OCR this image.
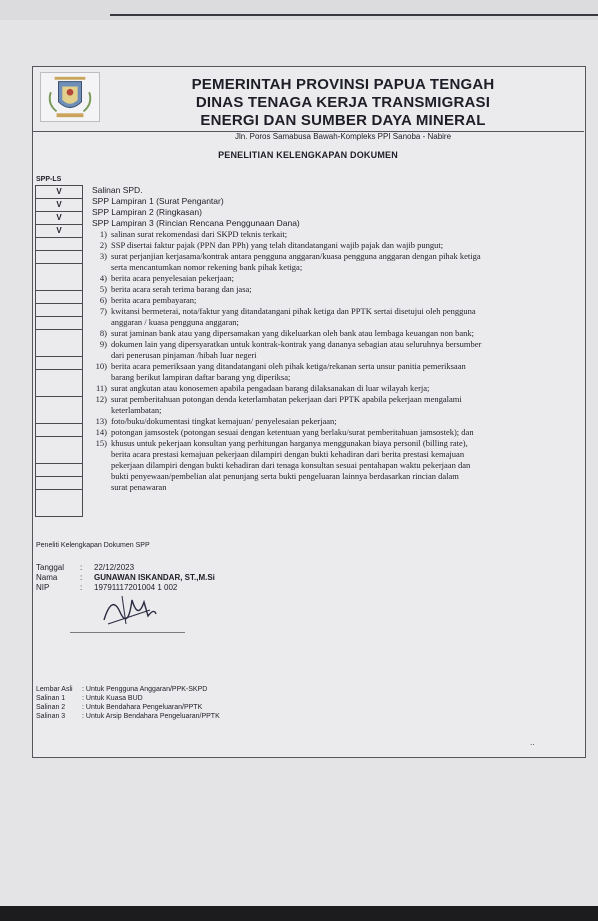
PEMERINTAH PROVINSI PAPUA TENGAH
DINAS TENAGA KERJA TRANSMIGRASI
ENERGI DAN SUMBER DAYA MINERAL
Jln. Poros Samabusa Bawah-Kompleks PPI Sanoba - Nabire
PENELITIAN KELENGKAPAN DOKUMEN
SPP-LS
V
V
V
V
Salinan SPD.
SPP Lampiran 1 (Surat Pengantar)
SPP Lampiran 2 (Ringkasan)
SPP Lampiran 3 (Rincian Rencana Penggunaan Dana)
1) salinan surat rekomendasi dari SKPD teknis terkait;
2) SSP disertai faktur pajak (PPN dan PPh) yang telah ditandatangani wajib pajak dan wajib pungut;
3) surat perjanjian kerjasama/kontrak antara pengguna anggaran/kuasa pengguna anggaran dengan pihak ketiga
serta mencantumkan nomor rekening bank pihak ketiga;
4) berita acara penyelesaian pekerjaan;
5) berita acara serah terima barang dan jasa;
6) berita acara pembayaran;
7) kwitansi bermeterai, nota/faktur yang ditandatangani pihak ketiga dan PPTK sertai disetujui oleh pengguna
anggaran / kuasa pengguna anggaran;
8) surat jaminan bank atau yang dipersamakan yang dikeluarkan oleh bank atau lembaga keuangan non bank;
9) dokumen lain yang dipersyaratkan untuk kontrak-kontrak yang dananya sebagian atau seluruhnya bersumber
dari penerusan pinjaman /hibah luar negeri
10) berita acara pemeriksaan yang ditandatangani oleh pihak ketiga/rekanan serta unsur panitia pemeriksaan
barang berikut lampiran daftar barang yng diperiksa;
11) surat angkutan atau konosemen apabila pengadaan barang dilaksanakan di luar wilayah kerja;
12) surat pemberitahuan potongan denda keterlambatan pekerjaan dari PPTK apabila pekerjaan mengalami
keterlambatan;
13) foto/buku/dokumentasi tingkat kemajuan/ penyelesaian pekerjaan;
14) potongan jamsostek (potongan sesuai dengan ketentuan yang berlaku/surat pemberitahuan jamsostek); dan
15) khusus untuk pekerjaan konsultan yang perhitungan harganya menggunakan biaya personil (billing rate),
berita acara prestasi kemajuan pekerjaan dilampiri dengan bukti kehadiran dari berita prestasi kemajuan
pekerjaan dilampiri dengan bukti kehadiran dari tenaga konsultan sesuai pentahapan waktu pekerjaan dan
bukti penyewaan/pembelian alat penunjang serta bukti pengeluaran lainnya berdasarkan rincian dalam
surat penawaran
Peneliti Kelengkapan Dokumen SPP
Tanggal : 22/12/2023
Nama	: GUNAWAN ISKANDAR, ST.,M.Si
NIP	: 19791117201004 1 002
Lembar Asli : Untuk Pengguna Anggaran/PPK-SKPD
Salinan 1 : Untuk Kuasa BUD
Salinan 2 : Untuk Bendahara Pengeluaran/PPTK
Salinan 3 : Untuk Arsip Bendahara Pengeluaran/PPTK
..
